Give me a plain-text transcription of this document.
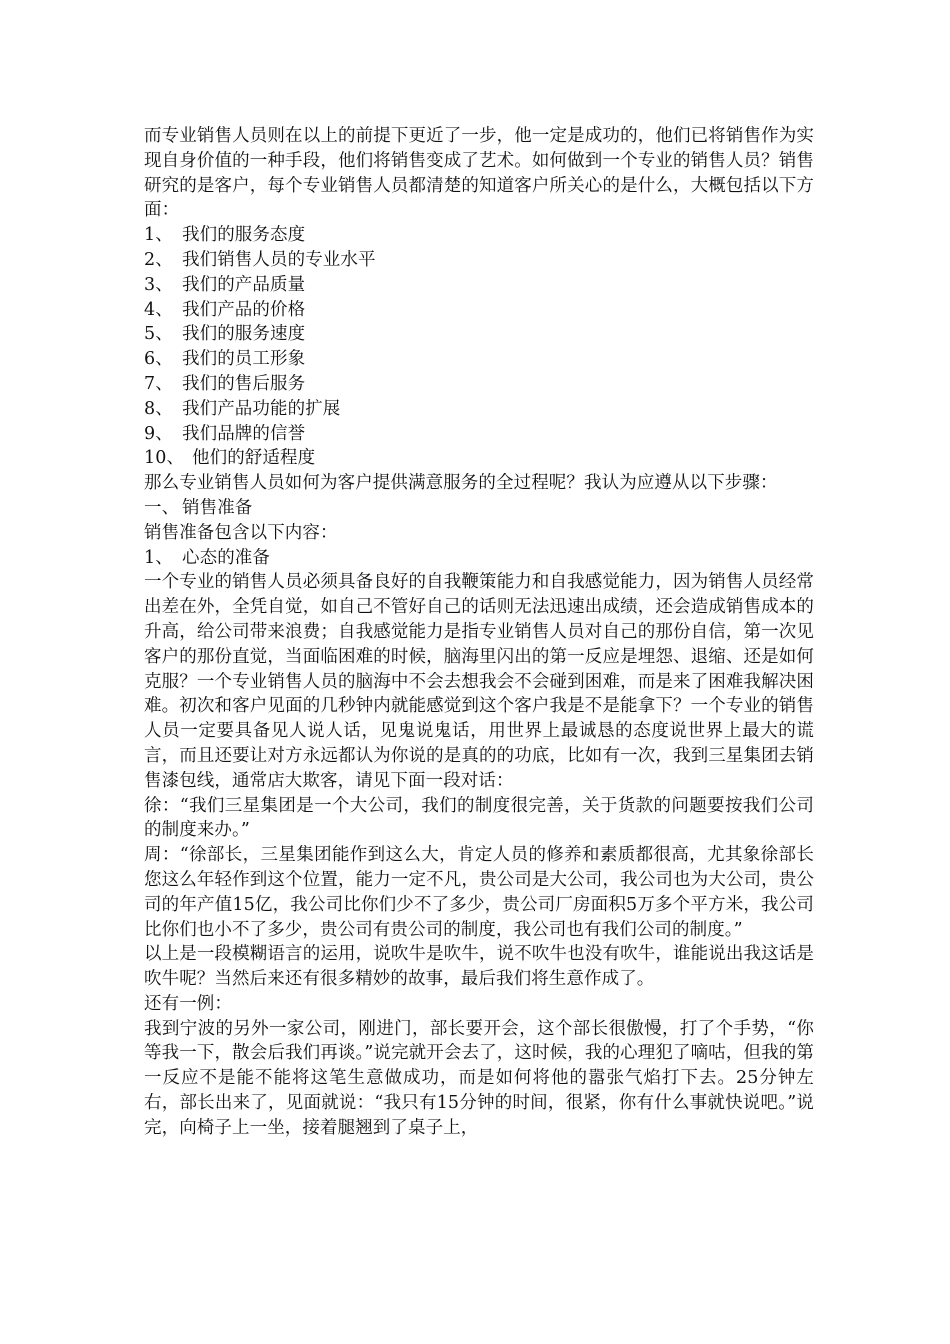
而专业销售人员则在以上的前提下更近了一步，他一定是成功的，他们已将销售作为实现自身价值的一种手段，他们将销售变成了艺术。如何做到一个专业的销售人员？销售研究的是客户，每个专业销售人员都清楚的知道客户所关心的是什么，大概包括以下方面：

1、 我们的服务态度
2、 我们销售人员的专业水平
3、 我们的产品质量
4、 我们产品的价格
5、 我们的服务速度
6、 我们的员工形象
7、 我们的售后服务
8、 我们产品功能的扩展
9、 我们品牌的信誉
10、 他们的舒适程度

那么专业销售人员如何为客户提供满意服务的全过程呢？我认为应遵从以下步骤：

一、 销售准备

销售准备包含以下内容：

1、 心态的准备

一个专业的销售人员必须具备良好的自我鞭策能力和自我感觉能力，因为销售人员经常出差在外，全凭自觉，如自己不管好自己的话则无法迅速出成绩，还会造成销售成本的升高，给公司带来浪费；自我感觉能力是指专业销售人员对自己的那份自信，第一次见客户的那份直觉，当面临困难的时候，脑海里闪出的第一反应是埋怨、退缩、还是如何克服？一个专业销售人员的脑海中不会去想我会不会碰到困难，而是来了困难我解决困难。初次和客户见面的几秒钟内就能感觉到这个客户我是不是能拿下？一个专业的销售人员一定要具备见人说人话，见鬼说鬼话，用世界上最诚恳的态度说世界上最大的谎言，而且还要让对方永远都认为你说的是真的的功底，比如有一次，我到三星集团去销售漆包线，通常店大欺客，请见下面一段对话：

徐：“我们三星集团是一个大公司，我们的制度很完善，关于货款的问题要按我们公司的制度来办。”

周：“徐部长，三星集团能作到这么大，肯定人员的修养和素质都很高，尤其象徐部长您这么年轻作到这个位置，能力一定不凡，贵公司是大公司，我公司也为大公司，贵公司的年产值15亿，我公司比你们少不了多少，贵公司厂房面积5万多个平方米，我公司比你们也小不了多少，贵公司有贵公司的制度，我公司也有我们公司的制度。”

以上是一段模糊语言的运用，说吹牛是吹牛，说不吹牛也没有吹牛，谁能说出我这话是吹牛呢？当然后来还有很多精妙的故事，最后我们将生意作成了。

还有一例：

我到宁波的另外一家公司，刚进门，部长要开会，这个部长很傲慢，打了个手势，“你等我一下，散会后我们再谈。”说完就开会去了，这时候，我的心理犯了嘀咕，但我的第一反应不是能不能将这笔生意做成功，而是如何将他的嚣张气焰打下去。25分钟左右，部长出来了，见面就说：“我只有15分钟的时间，很紧，你有什么事就快说吧。”说完，向椅子上一坐，接着腿翘到了桌子上，
